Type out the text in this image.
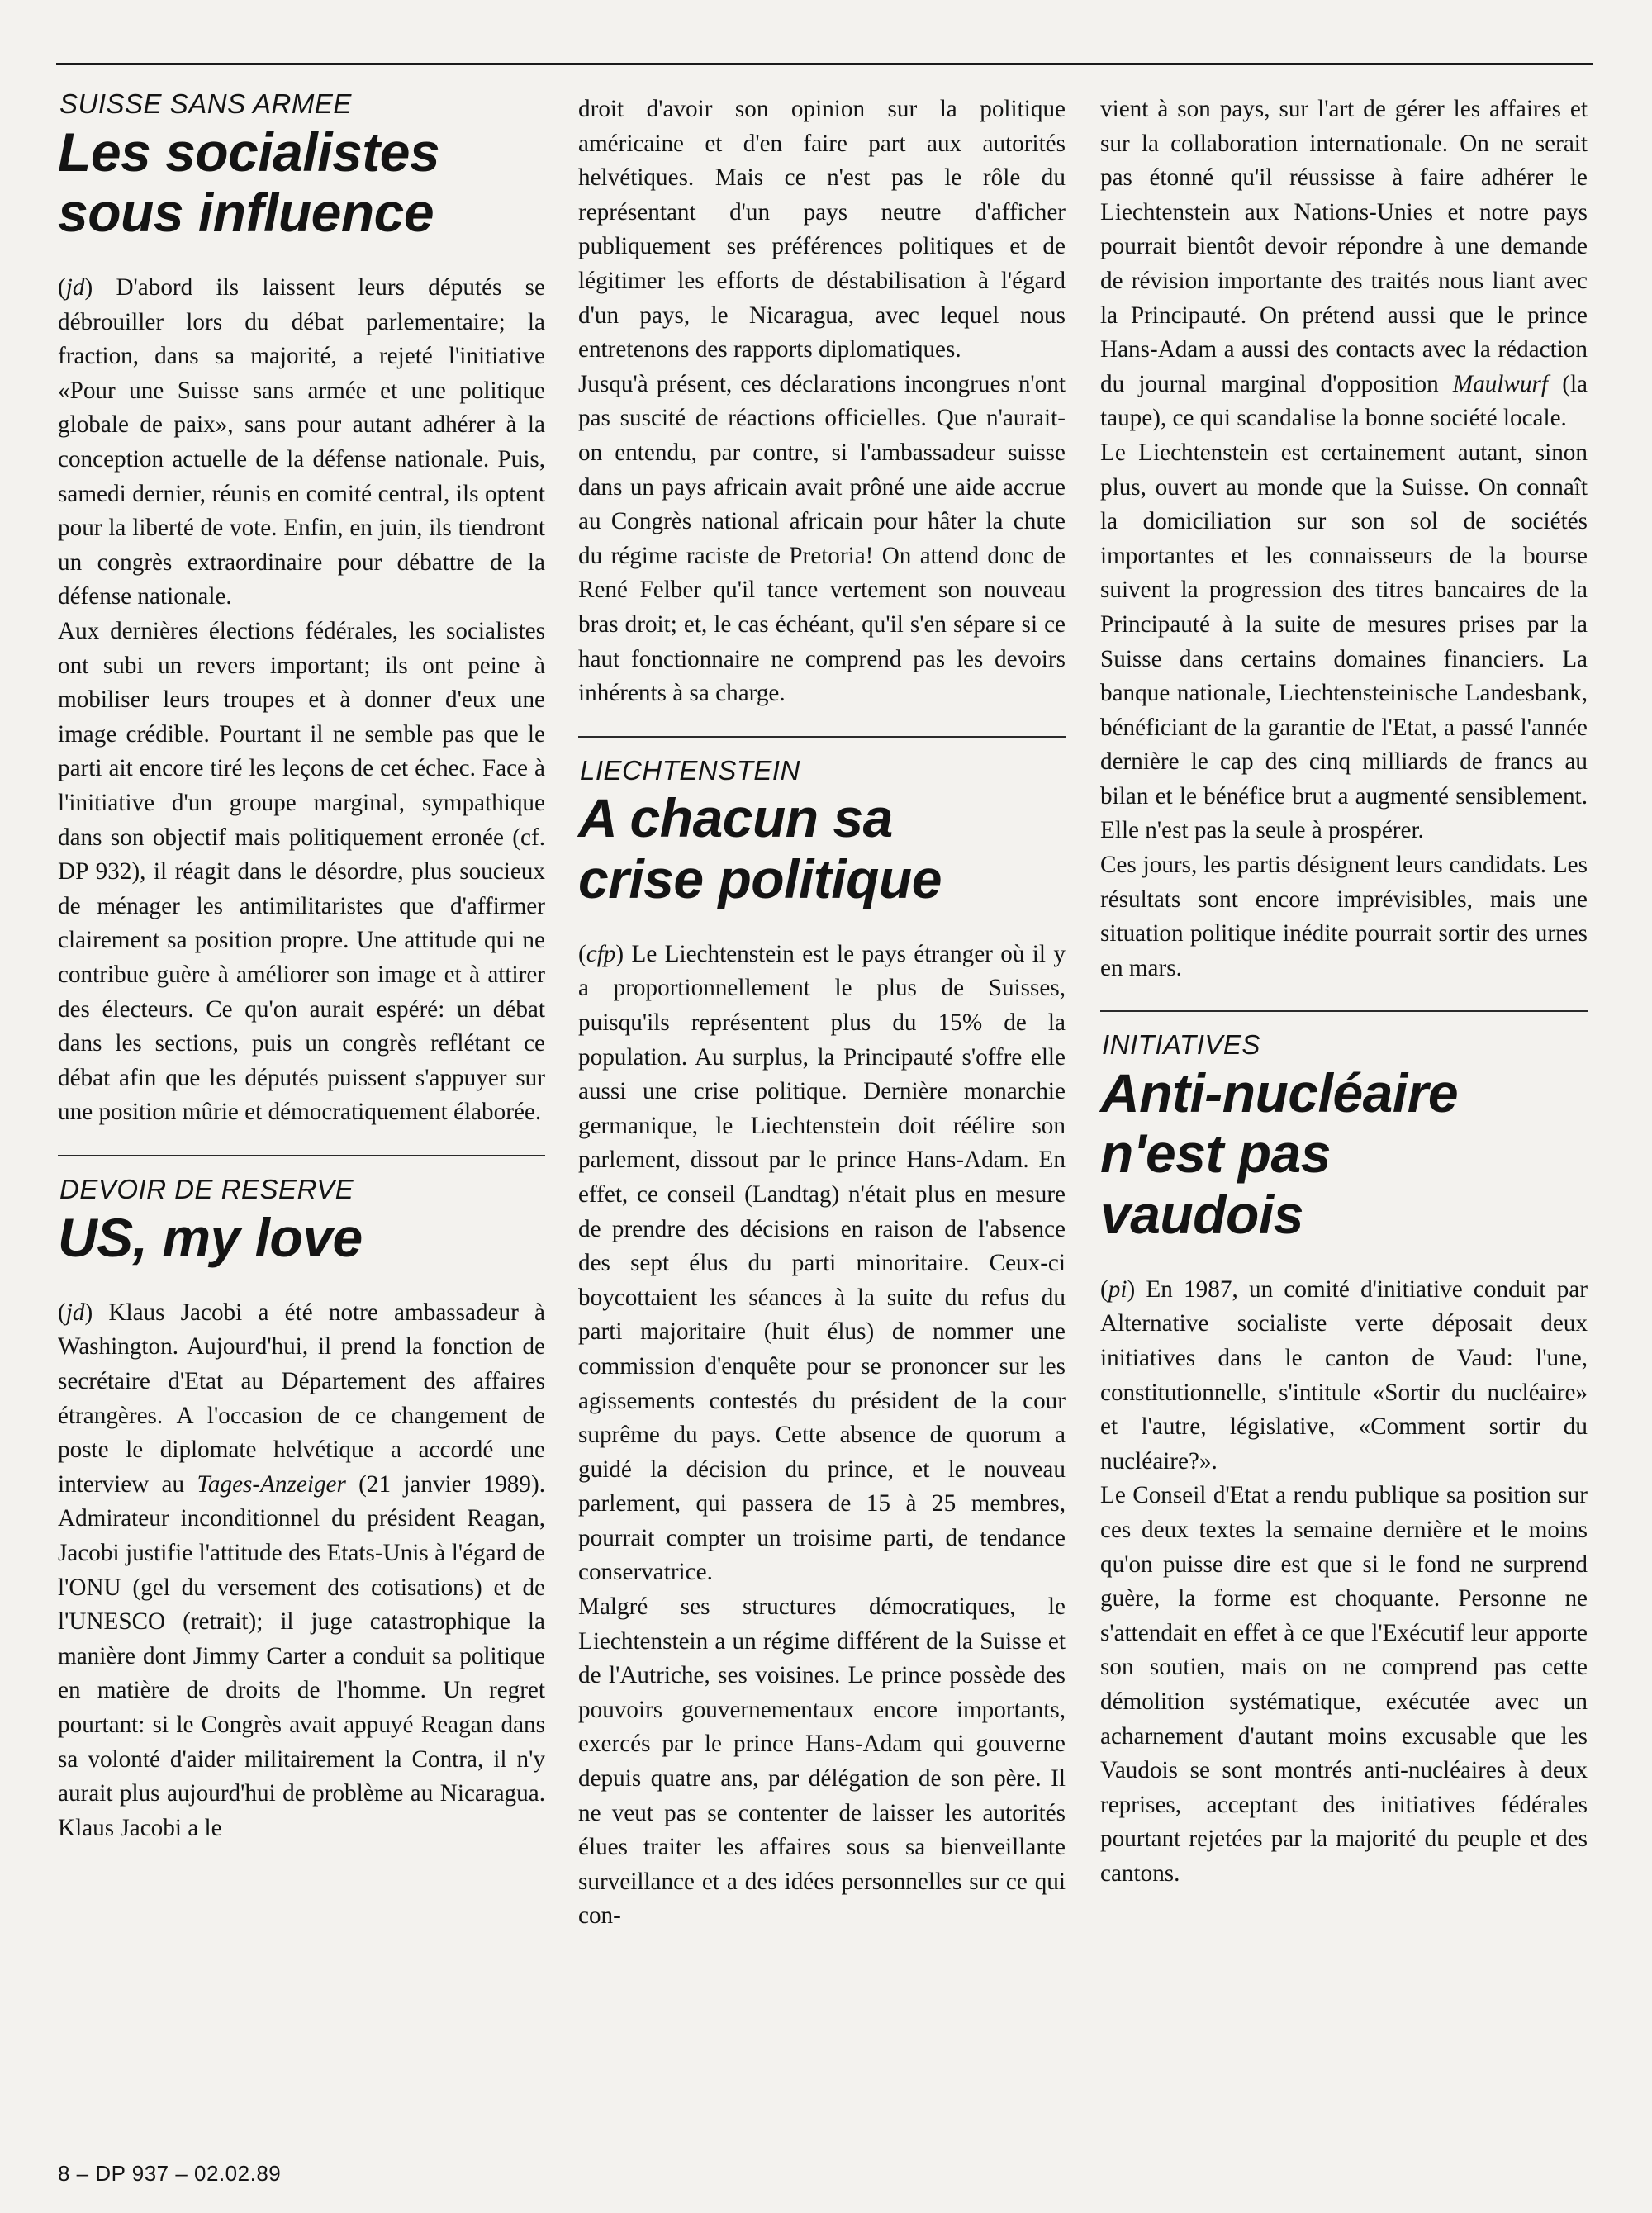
SUISSE SANS ARMEE
Les socialistes
sous influence

(jd) D'abord ils laissent leurs députés se débrouiller lors du débat parlementaire; la fraction, dans sa majorité, a rejeté l'initiative «Pour une Suisse sans armée et une politique globale de paix», sans pour autant adhérer à la conception actuelle de la défense nationale. Puis, samedi dernier, réunis en comité central, ils optent pour la liberté de vote. Enfin, en juin, ils tiendront un congrès extraordinaire pour débattre de la défense nationale.

Aux dernières élections fédérales, les socialistes ont subi un revers important; ils ont peine à mobiliser leurs troupes et à donner d'eux une image crédible. Pourtant il ne semble pas que le parti ait encore tiré les leçons de cet échec. Face à l'initiative d'un groupe marginal, sympathique dans son objectif mais politiquement erronée (cf. DP 932), il réagit dans le désordre, plus soucieux de ménager les antimilitaristes que d'affirmer clairement sa position propre. Une attitude qui ne contribue guère à améliorer son image et à attirer des électeurs. Ce qu'on aurait espéré: un débat dans les sections, puis un congrès reflétant ce débat afin que les députés puissent s'appuyer sur une position mûrie et démocratiquement élaborée.

DEVOIR DE RESERVE
US, my love

(jd) Klaus Jacobi a été notre ambassadeur à Washington. Aujourd'hui, il prend la fonction de secrétaire d'Etat au Département des affaires étrangères. A l'occasion de ce changement de poste le diplomate helvétique a accordé une interview au Tages-Anzeiger (21 janvier 1989). Admirateur inconditionnel du président Reagan, Jacobi justifie l'attitude des Etats-Unis à l'égard de l'ONU (gel du versement des cotisations) et de l'UNESCO (retrait); il juge catastrophique la manière dont Jimmy Carter a conduit sa politique en matière de droits de l'homme. Un regret pourtant: si le Congrès avait appuyé Reagan dans sa volonté d'aider militairement la Contra, il n'y aurait plus aujourd'hui de problème au Nicaragua. Klaus Jacobi a le

droit d'avoir son opinion sur la politique américaine et d'en faire part aux autorités helvétiques. Mais ce n'est pas le rôle du représentant d'un pays neutre d'afficher publiquement ses préférences politiques et de légitimer les efforts de déstabilisation à l'égard d'un pays, le Nicaragua, avec lequel nous entretenons des rapports diplomatiques.

Jusqu'à présent, ces déclarations incongrues n'ont pas suscité de réactions officielles. Que n'aurait-on entendu, par contre, si l'ambassadeur suisse dans un pays africain avait prôné une aide accrue au Congrès national africain pour hâter la chute du régime raciste de Pretoria! On attend donc de René Felber qu'il tance vertement son nouveau bras droit; et, le cas échéant, qu'il s'en sépare si ce haut fonctionnaire ne comprend pas les devoirs inhérents à sa charge.

LIECHTENSTEIN
A chacun sa
crise politique

(cfp) Le Liechtenstein est le pays étranger où il y a proportionnellement le plus de Suisses, puisqu'ils représentent plus du 15% de la population. Au surplus, la Principauté s'offre elle aussi une crise politique. Dernière monarchie germanique, le Liechtenstein doit réélire son parlement, dissout par le prince Hans-Adam. En effet, ce conseil (Landtag) n'était plus en mesure de prendre des décisions en raison de l'absence des sept élus du parti minoritaire. Ceux-ci boycottaient les séances à la suite du refus du parti majoritaire (huit élus) de nommer une commission d'enquête pour se prononcer sur les agissements contestés du président de la cour suprême du pays. Cette absence de quorum a guidé la décision du prince, et le nouveau parlement, qui passera de 15 à 25 membres, pourrait compter un troisime parti, de tendance conservatrice.

Malgré ses structures démocratiques, le Liechtenstein a un régime différent de la Suisse et de l'Autriche, ses voisines. Le prince possède des pouvoirs gouvernementaux encore importants, exercés par le prince Hans-Adam qui gouverne depuis quatre ans, par délégation de son père. Il ne veut pas se contenter de laisser les autorités élues traiter les affaires sous sa bienveillante surveillance et a des idées personnelles sur ce qui con-

vient à son pays, sur l'art de gérer les affaires et sur la collaboration internationale. On ne serait pas étonné qu'il réussisse à faire adhérer le Liechtenstein aux Nations-Unies et notre pays pourrait bientôt devoir répondre à une demande de révision importante des traités nous liant avec la Principauté. On prétend aussi que le prince Hans-Adam a aussi des contacts avec la rédaction du journal marginal d'opposition Maulwurf (la taupe), ce qui scandalise la bonne société locale.

Le Liechtenstein est certainement autant, sinon plus, ouvert au monde que la Suisse. On connaît la domiciliation sur son sol de sociétés importantes et les connaisseurs de la bourse suivent la progression des titres bancaires de la Principauté à la suite de mesures prises par la Suisse dans certains domaines financiers. La banque nationale, Liechtensteinische Landesbank, bénéficiant de la garantie de l'Etat, a passé l'année dernière le cap des cinq milliards de francs au bilan et le bénéfice brut a augmenté sensiblement. Elle n'est pas la seule à prospérer.

Ces jours, les partis désignent leurs candidats. Les résultats sont encore imprévisibles, mais une situation politique inédite pourrait sortir des urnes en mars.

INITIATIVES
Anti-nucléaire
n'est pas
vaudois

(pi) En 1987, un comité d'initiative conduit par Alternative socialiste verte déposait deux initiatives dans le canton de Vaud: l'une, constitutionnelle, s'intitule «Sortir du nucléaire» et l'autre, législative, «Comment sortir du nucléaire?».

Le Conseil d'Etat a rendu publique sa position sur ces deux textes la semaine dernière et le moins qu'on puisse dire est que si le fond ne surprend guère, la forme est choquante. Personne ne s'attendait en effet à ce que l'Exécutif leur apporte son soutien, mais on ne comprend pas cette démolition systématique, exécutée avec un acharnement d'autant moins excusable que les Vaudois se sont montrés anti-nucléaires à deux reprises, acceptant des initiatives fédérales pourtant rejetées par la majorité du peuple et des cantons.

8 – DP 937 – 02.02.89
